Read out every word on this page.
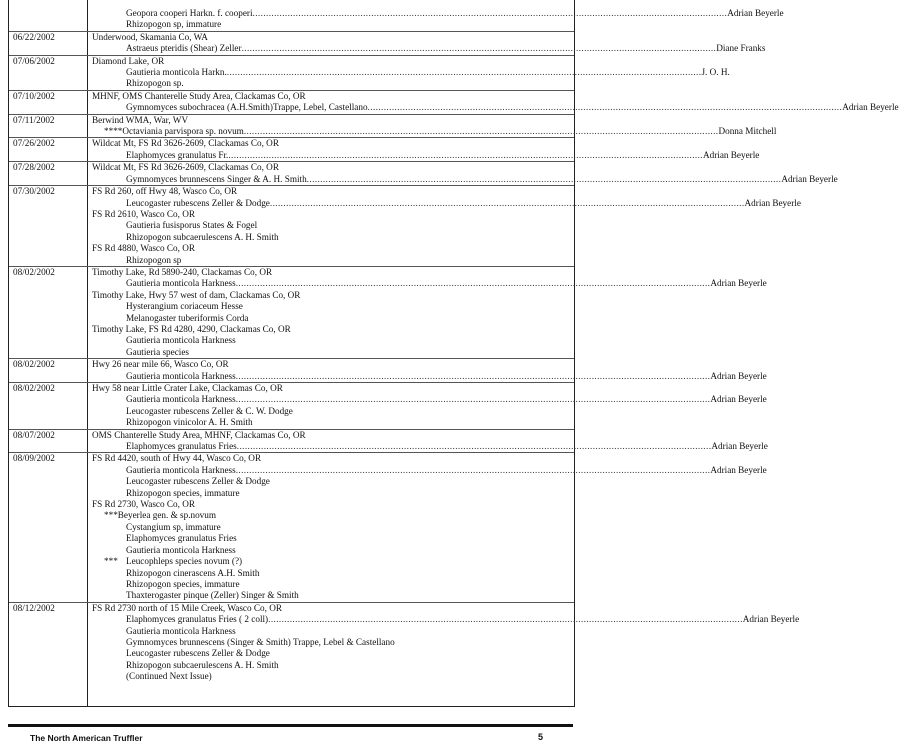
Geopora cooperi Harkn. f. cooperi .....	Adrian Beyerle
Rhizopogon sp, immature
06/22/2002	Underwood, Skamania Co, WA
Astraeus pteridis (Shear) Zeller .....	Diane Franks
07/06/2002	Diamond Lake, OR
Gautieria monticola Harkn. .....	J. O. H.
Rhizopogon sp.
07/10/2002	MHNF, OMS Chanterelle Study Area, Clackamas Co, OR
Gymnomyces subochracea (A.H.Smith)Trappe, Lebel, Castellano .....	Adrian Beyerle
07/11/2002	Berwind WMA, War, WV
****Octaviania parvispora sp. novum .....	Donna Mitchell
07/26/2002	Wildcat Mt, FS Rd 3626-2609, Clackamas Co, OR
Elaphomyces granulatus Fr. .....	Adrian Beyerle
07/28/2002	Wildcat Mt, FS Rd 3626-2609, Clackamas Co, OR
Gymnomyces brunnescens Singer & A. H. Smith .....	Adrian Beyerle
07/30/2002	FS Rd 260, off Hwy 48, Wasco Co, OR
Leucogaster rubescens Zeller & Dodge .....	Adrian Beyerle
FS Rd 2610, Wasco Co, OR
Gautieria fusisporus States & Fogel
Rhizopogon subcaerulescens A. H. Smith
FS Rd 4880, Wasco Co, OR
Rhizopogon sp
08/02/2002	Timothy Lake, Rd 5890-240, Clackamas Co, OR
Gautieria monticola Harkness .....	Adrian Beyerle
Timothy Lake, Hwy 57 west of dam, Clackamas Co, OR
Hysterangium coriaceum Hesse
Melanogaster tuberiformis Corda
Timothy Lake, FS Rd 4280, 4290, Clackamas Co, OR
Gautieria monticola Harkness
Gautieria species
08/02/2002	Hwy 26 near mile 66, Wasco Co, OR
Gautieria monticola Harkness .....	Adrian Beyerle
08/02/2002	Hwy 58 near Little Crater Lake, Clackamas Co, OR
Gautieria monticola Harkness .....	Adrian Beyerle
Leucogaster rubescens Zeller & C. W. Dodge
Rhizopogon vinicolor A. H. Smith
08/07/2002	OMS Chanterelle Study Area, MHNF, Clackamas Co, OR
Elaphomyces granulatus Fries .....	Adrian Beyerle
08/09/2002	FS Rd 4420, south of Hwy 44, Wasco Co, OR
Gautieria monticola Harkness .....	Adrian Beyerle
Leucogaster rubescens Zeller & Dodge
Rhizopogon species, immature
FS Rd 2730, Wasco Co, OR
***Beyerlea gen. & sp.novum
Cystangium sp, immature
Elaphomyces granulatus Fries
Gautieria monticola Harkness
*** Leucophleps species novum (?)
Rhizopogon cinerascens A.H. Smith
Rhizopogon species, immature
Thaxterogaster pinque (Zeller) Singer & Smith
08/12/2002	FS Rd 2730 north of 15 Mile Creek, Wasco Co, OR
Elaphomyces granulatus Fries ( 2 coll) .....	Adrian Beyerle
Gautieria monticola Harkness
Gymnomyces brunnescens (Singer & Smith) Trappe, Lebel & Castellano
Leucogaster rubescens Zeller & Dodge
Rhizopogon subcaerulescens A. H. Smith
(Continued Next Issue)
The North American Truffler	5
